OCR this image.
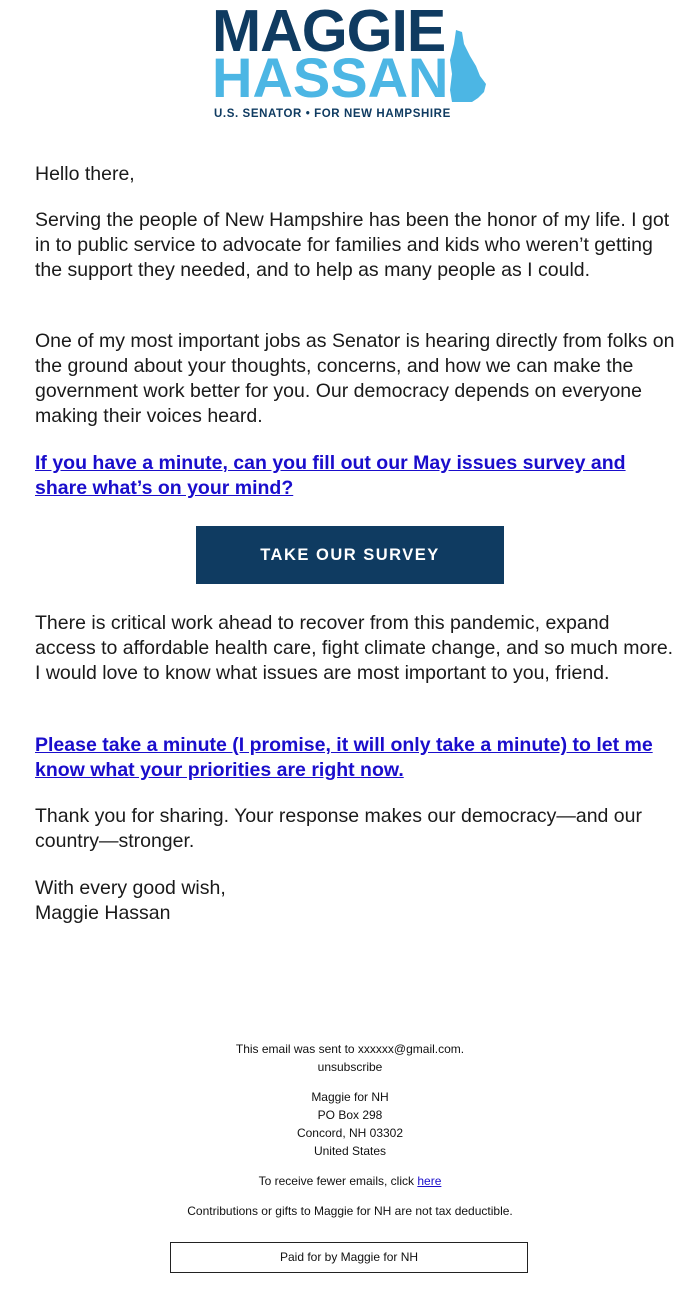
MAGGIE
HASSAN
U.S. SENATOR • FOR NEW HAMPSHIRE

Hello there,

Serving the people of New Hampshire has been the honor of my life. I got in to public service to advocate for families and kids who weren’t getting the support they needed, and to help as many people as I could.

One of my most important jobs as Senator is hearing directly from folks on the ground about your thoughts, concerns, and how we can make the government work better for you. Our democracy depends on everyone making their voices heard.

If you have a minute, can you fill out our May issues survey and share what’s on your mind?
TAKE OUR SURVEY

There is critical work ahead to recover from this pandemic, expand access to affordable health care, fight climate change, and so much more. I would love to know what issues are most important to you, friend.

Please take a minute (I promise, it will only take a minute) to let me know what your priorities are right now.

Thank you for sharing. Your response makes our democracy—and our country—stronger.

With every good wish,

Maggie Hassan

This email was sent to xxxxxx@gmail.com.

unsubscribe

Maggie for NH

PO Box 298

Concord, NH 03302

United States

To receive fewer emails, click here

Contributions or gifts to Maggie for NH are not tax deductible.

Paid for by Maggie for NH
